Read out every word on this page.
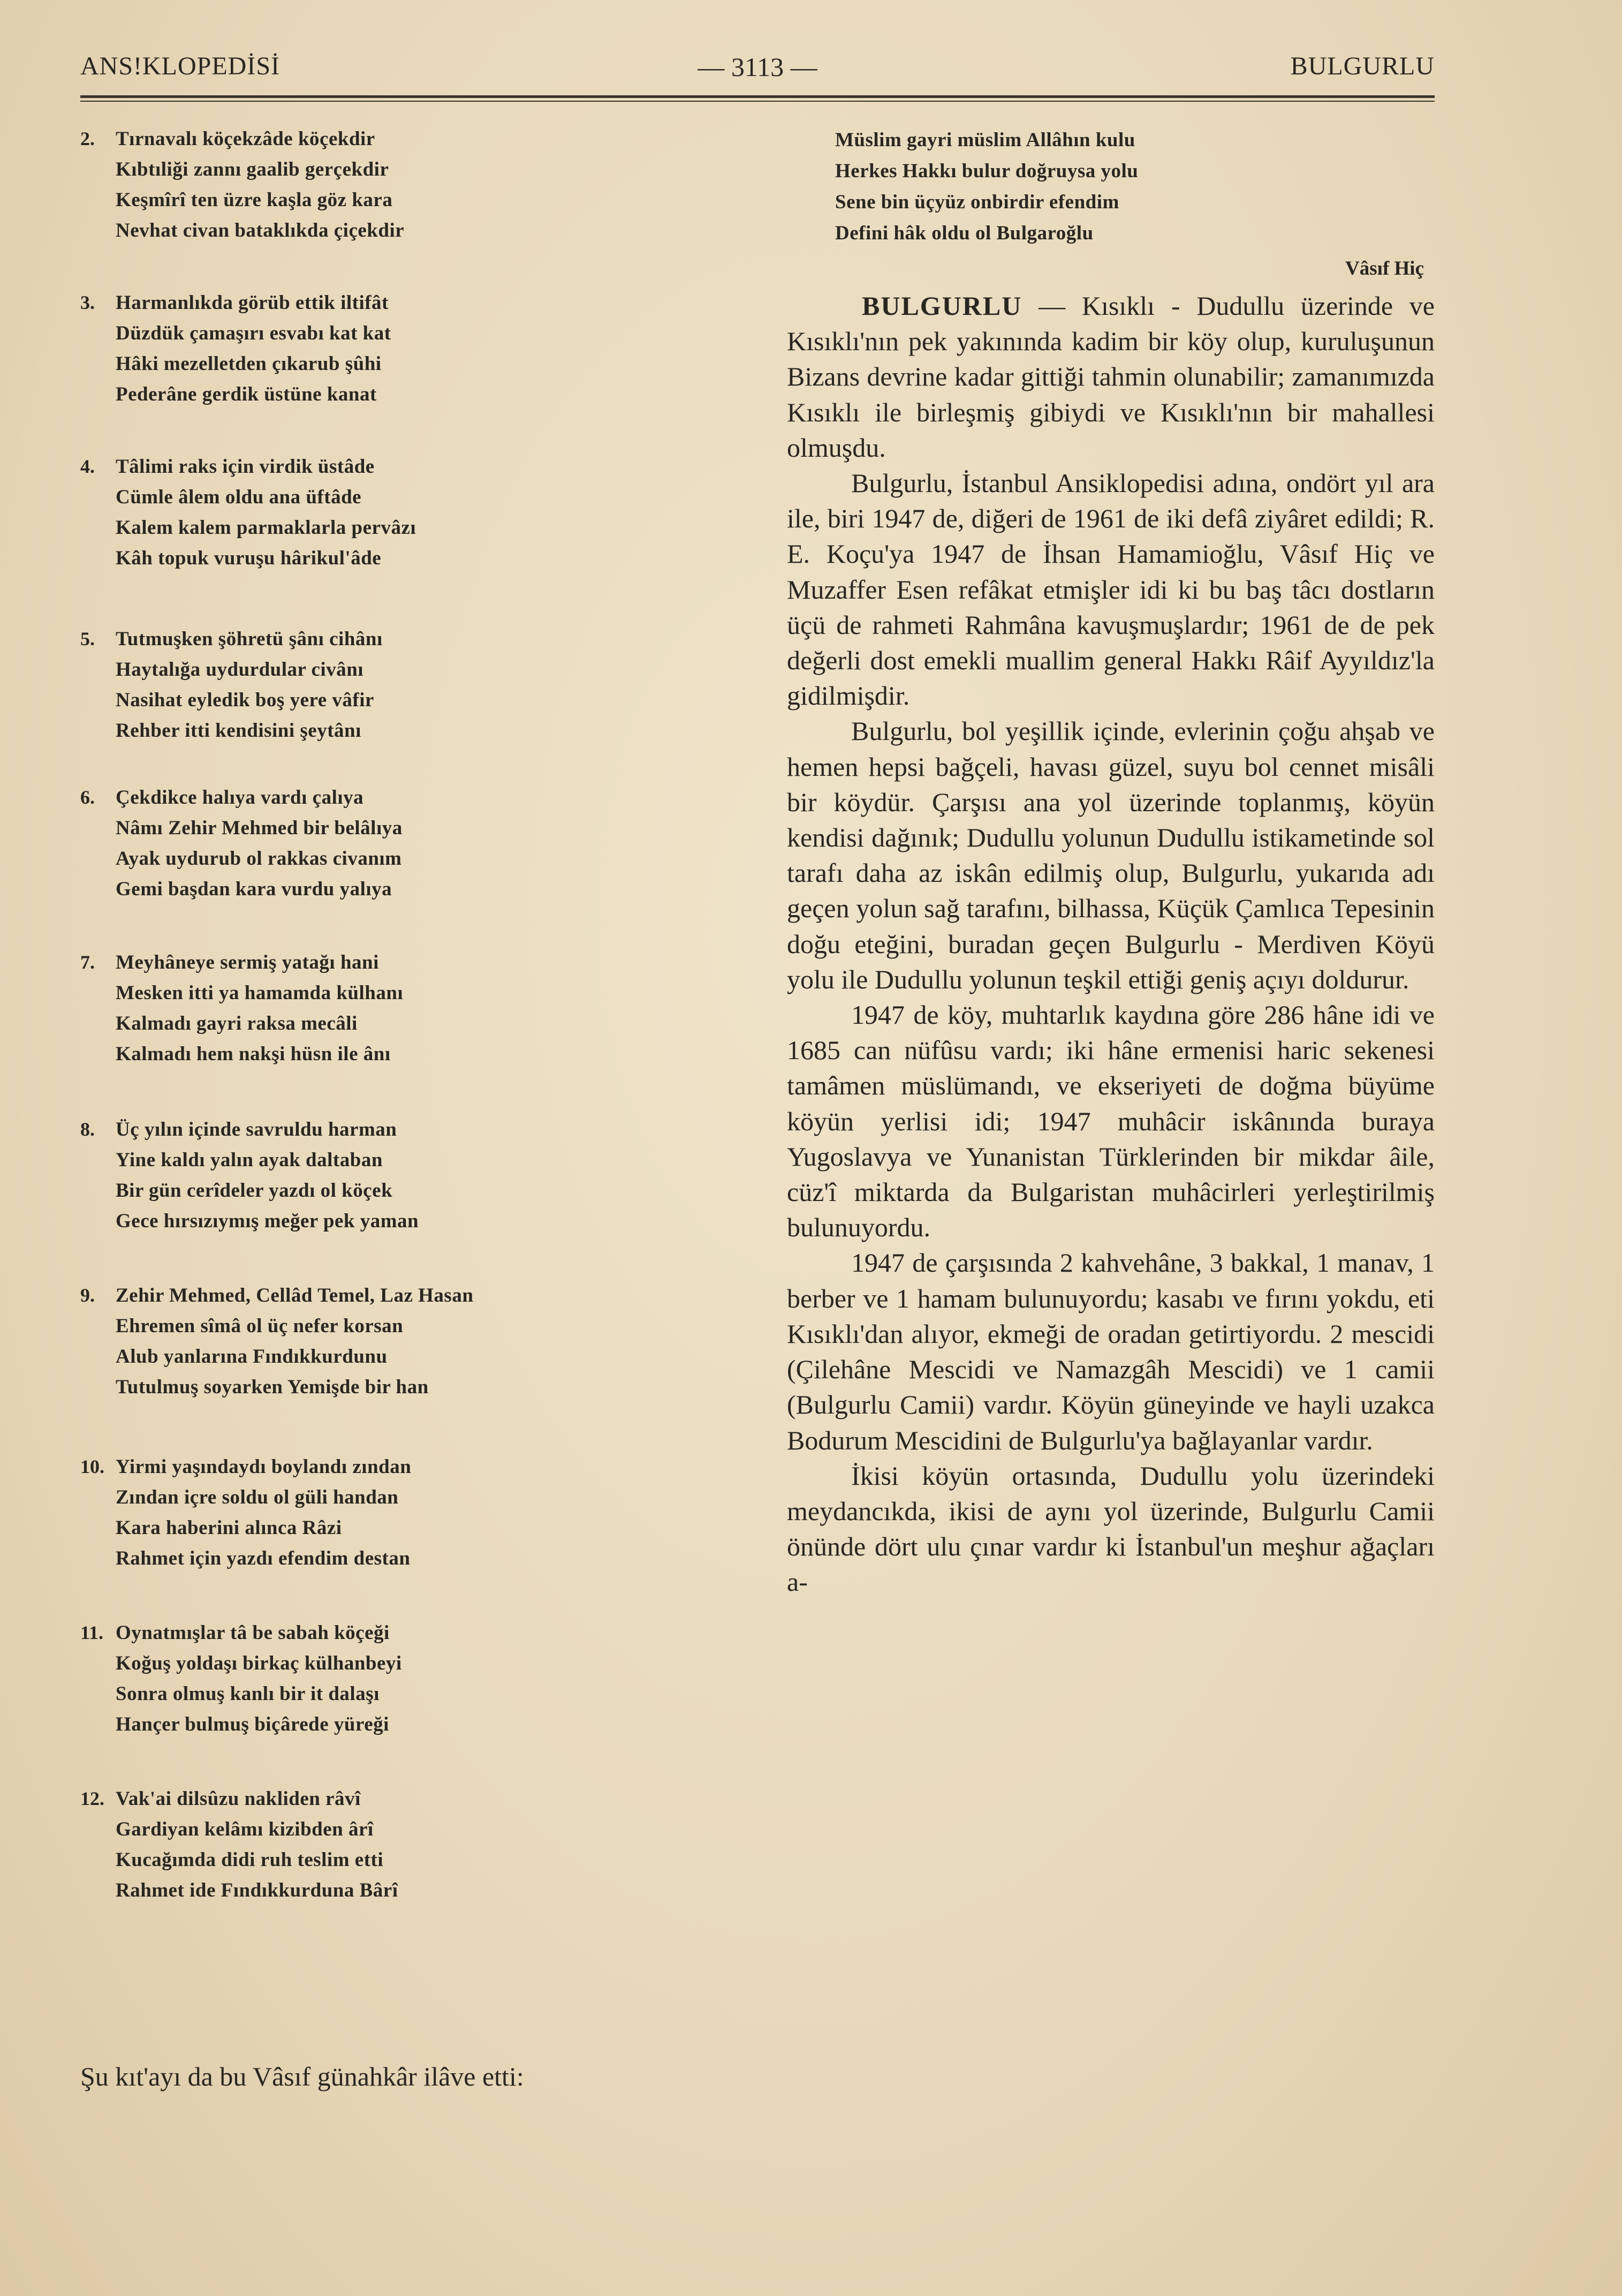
ANS!KLOPEDİSİ	— 3113 —	BULGURLU
2. Tırnavalı köçekzâde köçekdir
Kıbtıliği zannı gaalib gerçekdir
Keşmîrî ten üzre kaşla göz kara
Nevhat civan bataklıkda çiçekdir
3. Harmanlıkda görüb ettik iltifât
Düzdük çamaşırı esvabı kat kat
Hâki mezelletden çıkarub şûhi
Pederâne gerdik üstüne kanat
4. Tâlimi raks için virdik üstâde
Cümle âlem oldu ana üftâde
Kalem kalem parmaklarla pervâzı
Kâh topuk vuruşu hârikul'âde
5. Tutmuşken şöhretü şânı cihânı
Haytalığa uydurdular civânı
Nasihat eyledik boş yere vâfir
Rehber itti kendisini şeytânı
6. Çekdikce halıya vardı çalıya
Nâmı Zehir Mehmed bir belâlıya
Ayak uydurub ol rakkas civanım
Gemi başdan kara vurdu yalıya
7. Meyhâneye sermiş yatağı hani
Mesken itti ya hamamda külhanı
Kalmadı gayri raksa mecâli
Kalmadı hem nakşi hüsn ile ânı
8. Üç yılın içinde savruldu harman
Yine kaldı yalın ayak daltaban
Bir gün cerîdeler yazdı ol köçek
Gece hırsızıymış meğer pek yaman
9. Zehir Mehmed, Cellâd Temel, Laz Hasan
Ehremen sîmâ ol üç nefer korsan
Alub yanlarına Fındıkkurdunu
Tutulmuş soyarken Yemişde bir han
10. Yirmi yaşındaydı boylandı zından
Zından içre soldu ol güli handan
Kara haberini alınca Râzi
Rahmet için yazdı efendim destan
11. Oynatmışlar tâ be sabah köçeği
Koğuş yoldaşı birkaç külhanbeyi
Sonra olmuş kanlı bir it dalaşı
Hançer bulmuş biçârede yüreği
12. Vak'ai dilsûzu nakliden râvî
Gardiyan kelâmı kizibden ârî
Kucağımda didi ruh teslim etti
Rahmet ide Fındıkkurduna Bârî
Şu kıt'ayı da bu Vâsıf günahkâr ilâve etti:
Müslim gayri müslim Allâhın kulu
Herkes Hakkı bulur doğruysa yolu
Sene bin üçyüz onbirdir efendim
Defini hâk oldu ol Bulgaroğlu
Vâsıf Hiç

BULGURLU — Kısıklı - Dudullu üzerinde ve Kısıklı'nın pek yakınında kadim bir köy olup, kuruluşunun Bizans devrine kadar gittiği tahmin olunabilir; zamanımızda Kısıklı ile birleşmiş gibiydi ve Kısıklı'nın bir mahallesi olmuşdu.

Bulgurlu, İstanbul Ansiklopedisi adına, ondört yıl ara ile, biri 1947 de, diğeri de 1961 de iki defâ ziyâret edildi; R. E. Koçu'ya 1947 de İhsan Hamamioğlu, Vâsıf Hiç ve Muzaffer Esen refâkat etmişler idi ki bu baş tâcı dostların üçü de rahmeti Rahmâna kavuşmuşlardır; 1961 de de pek değerli dost emekli muallim general Hakkı Râif Ayyıldız'la gidilmişdir.

Bulgurlu, bol yeşillik içinde, evlerinin çoğu ahşab ve hemen hepsi bağçeli, havası güzel, suyu bol cennet misâli bir köydür. Çarşısı ana yol üzerinde toplanmış, köyün kendisi dağınık; Dudullu yolunun Dudullu istikametinde sol tarafı daha az iskân edilmiş olup, Bulgurlu, yukarıda adı geçen yolun sağ tarafını, bilhassa, Küçük Çamlıca Tepesinin doğu eteğini, buradan geçen Bulgurlu - Merdiven Köyü yolu ile Dudullu yolunun teşkil ettiği geniş açıyı doldurur.

1947 de köy, muhtarlık kaydına göre 286 hâne idi ve 1685 can nüfûsu vardı; iki hâne ermenisi haric sekenesi tamâmen müslümandı, ve ekseriyeti de doğma büyüme köyün yerlisi idi; 1947 muhâcir iskânında buraya Yugoslavya ve Yunanistan Türklerinden bir mikdar âile, cüz'î miktarda da Bulgaristan muhâcirleri yerleştirilmiş bulunuyordu.

1947 de çarşısında 2 kahvehâne, 3 bakkal, 1 manav, 1 berber ve 1 hamam bulunuyordu; kasabı ve fırını yokdu, eti Kısıklı'dan alıyor, ekmeği de oradan getirtiyordu. 2 mescidi (Çilehâne Mescidi ve Namazgâh Mescidi) ve 1 camii (Bulgurlu Camii) vardır. Köyün güneyinde ve hayli uzakca Bodurum Mescidini de Bulgurlu'ya bağlayanlar vardır.

İkisi köyün ortasında, Dudullu yolu üzerindeki meydancıkda, ikisi de aynı yol üzerinde, Bulgurlu Camii önünde dört ulu çınar vardır ki İstanbul'un meşhur ağaçları a-
